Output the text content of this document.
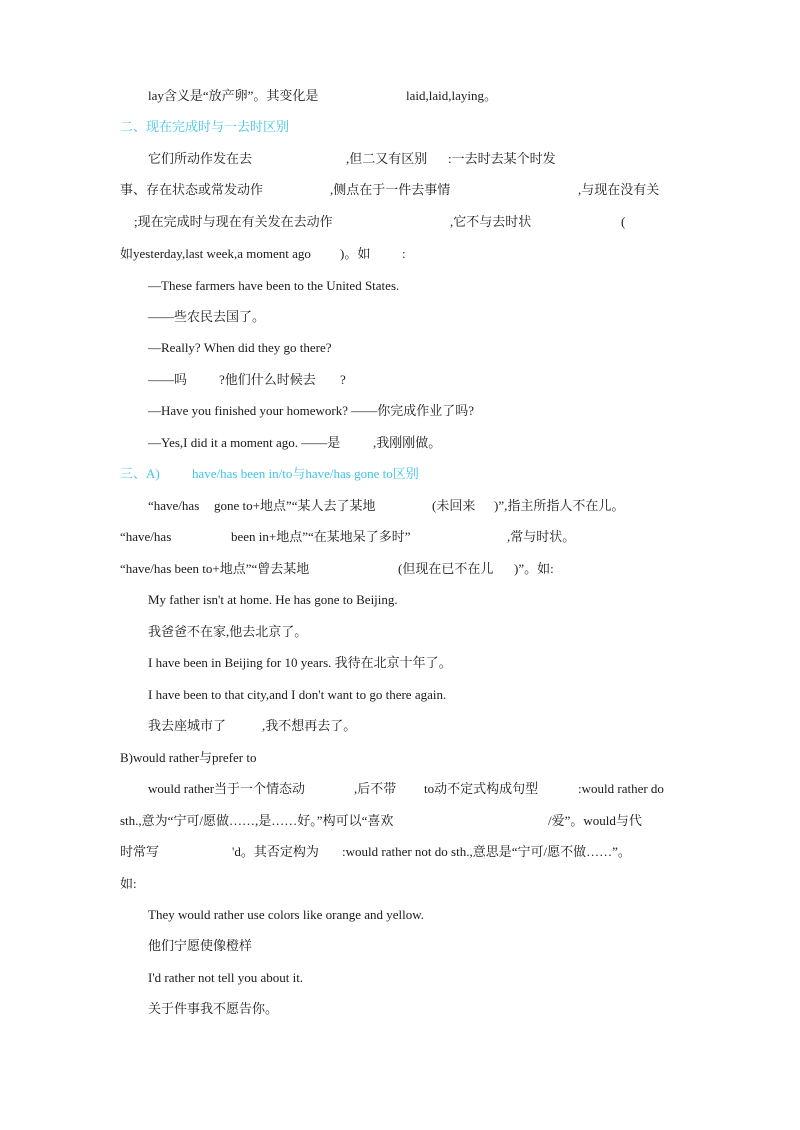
lay含义是“放产卵”。其变化是	laid,laid,laying。
二、现在完成时与一去时区别
它们所动作发在去	,但二又有区别 :一去时去某个时发
事、存在状态或常发动作	,侧点在于一件去事情	,与现在没有关
;现在完成时与现在有关发在去动作	,它不与去时状	(
如yesterday,last week,a moment ago )。如 :
—These farmers have been to the United States.
——些农民去国了。
—Really? When did they go there?
——吗 ?他们什么时候去 ?
—Have you finished your homework? ——你完成作业了吗?
—Yes,I did it a moment ago. ——是	,我刚刚做。
三、A) have/has been in/to与have/has gone to区别
“have/has gone to+地点”“某人去了某地	(未回来 )”,指主所指人不在儿。
“have/has	been in+地点”“在某地呆了多时”	,常与时状。
“have/has been to+地点”“曾去某地	(但现在已不在儿 )”。如:
My father isn't at home. He has gone to Beijing.
我爸爸不在家,他去北京了。
I have been in Beijing for 10 years. 我待在北京十年了。
I have been to that city,and I don't want to go there again.
我去座城市了	,我不想再去了。
B)would rather与prefer to
would rather当于一个情态动	,后不带 to动不定式构成句型	:would rather do
sth.,意为“宁可/愿做……,是……好。”构可以“喜欢	/爱”。would与代
时常写	'd。其否定构为 :would rather not do sth.,意思是“宁可/愿不做……”。
如:
They would rather use colors like orange and yellow.
他们宁愿使像橙样
I'd rather not tell you about it.
关于件事我不愿告你。
